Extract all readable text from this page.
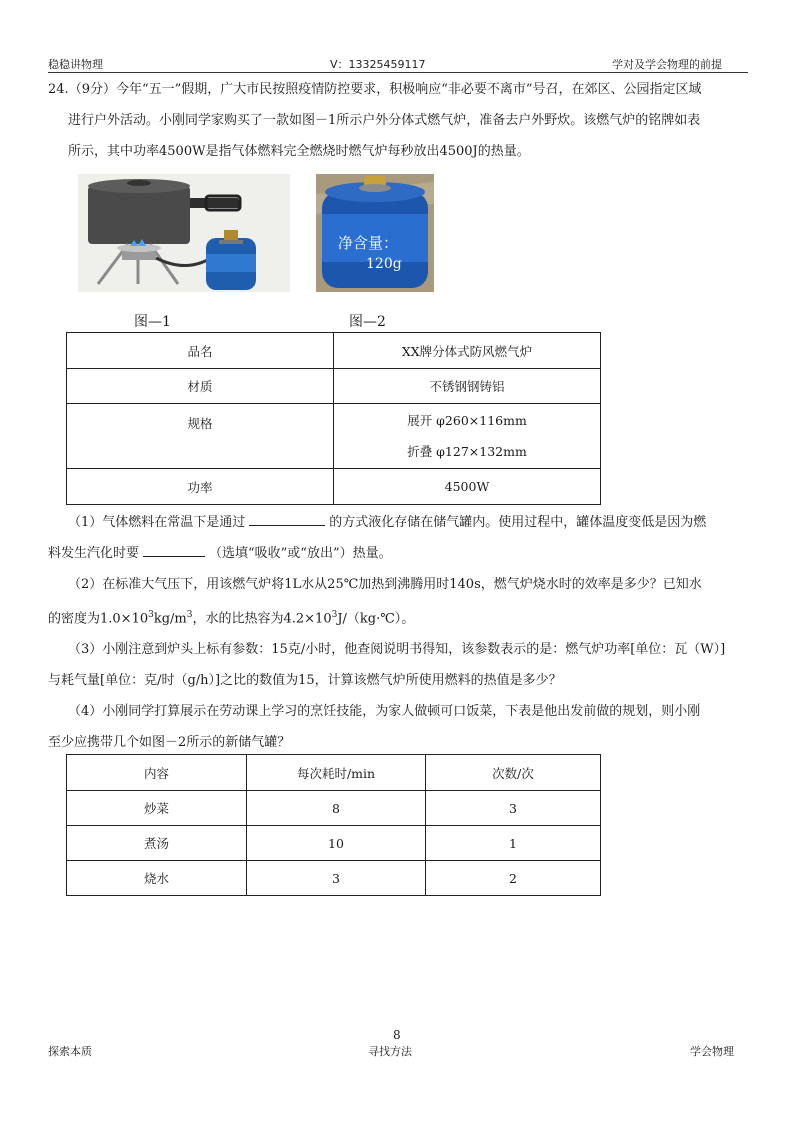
稳稳讲物理	V：13325459117	学对及学会物理的前提
24.（9分）今年“五一”假期，广大市民按照疫情防控要求，积极响应“非必要不离市”号召，在郊区、公园指定区域
进行户外活动。小刚同学家购买了一款如图－1所示户外分体式燃气炉，准备去户外野炊。该燃气炉的铭牌如表
所示，其中功率4500W是指气体燃料完全燃烧时燃气炉每秒放出4500J的热量。
净含量：
120g
图—1	图—2
品名	XX牌分体式防风燃气炉
材质	不锈钢钢铸铝
规格	展开 φ260×116mm
折叠 φ127×132mm

功率	4500W
（1）气体燃料在常温下是通过	的方式液化存储在储气罐内。使用过程中，罐体温度变低是因为燃
料发生汽化时要	（选填“吸收”或“放出”）热量。
（2）在标准大气压下，用该燃气炉将1L水从25℃加热到沸腾用时140s，燃气炉烧水时的效率是多少？已知水
的密度为$1.0\times 10^3kg/m^3$，水的比热容为$4.2\times 10^3J/(kg\cdot℃)$。
（3）小刚注意到炉头上标有参数：15克/小时，他查阅说明书得知，该参数表示的是：燃气炉功率[单位：瓦（W）]
与耗气量[单位：克/时（g/h）]之比的数值为15，计算该燃气炉所使用燃料的热值是多少？
（4）小刚同学打算展示在劳动课上学习的烹饪技能，为家人做顿可口饭菜，下表是他出发前做的规划，则小刚
至少应携带几个如图－2所示的新储气罐？
内容	每次耗时/min	次数/次
炒菜	8	3
煮汤	10	1
烧水	3	2
8
探索本质	寻找方法	学会物理
